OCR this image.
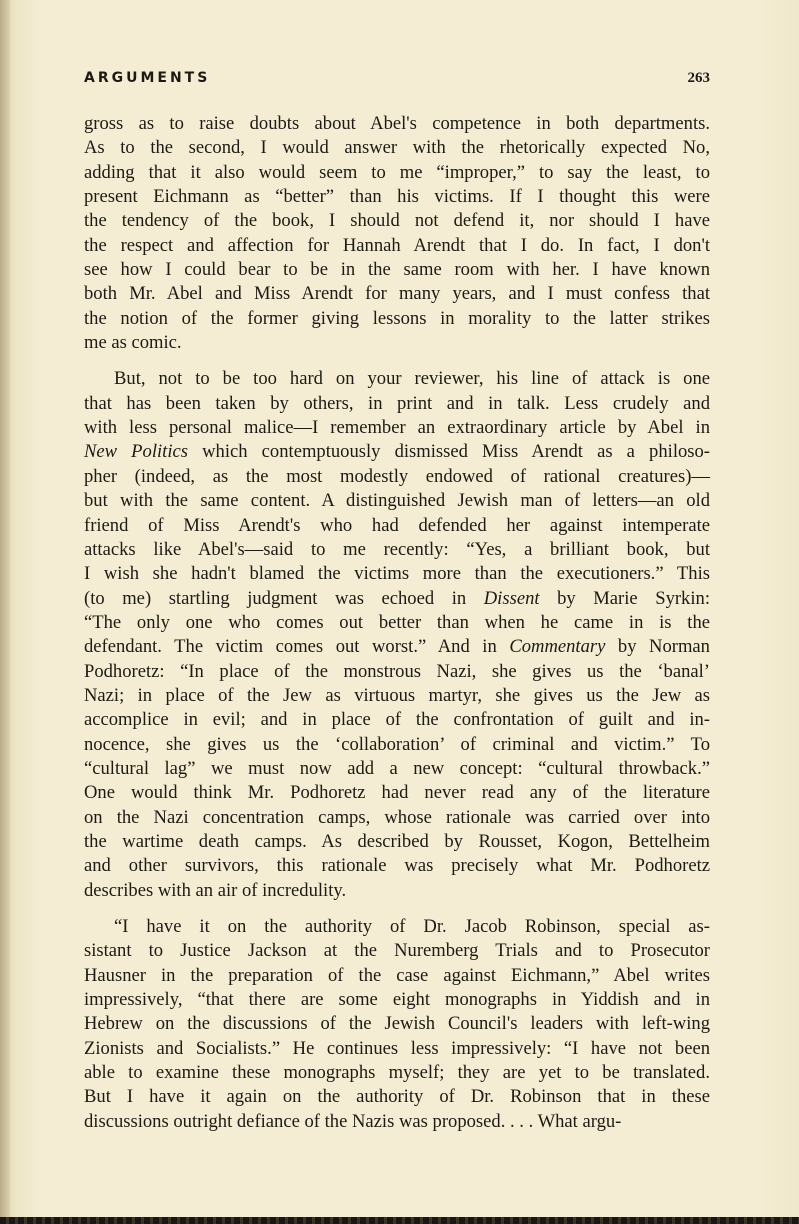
ARGUMENTS	263
gross as to raise doubts about Abel's competence in both departments.
As to the second, I would answer with the rhetorically expected No,
adding that it also would seem to me “improper,” to say the least, to
present Eichmann as “better” than his victims. If I thought this were
the tendency of the book, I should not defend it, nor should I have
the respect and affection for Hannah Arendt that I do. In fact, I don't
see how I could bear to be in the same room with her. I have known
both Mr. Abel and Miss Arendt for many years, and I must confess that
the notion of the former giving lessons in morality to the latter strikes
me as comic.
But, not to be too hard on your reviewer, his line of attack is one
that has been taken by others, in print and in talk. Less crudely and
with less personal malice—I remember an extraordinary article by Abel in
New Politics which contemptuously dismissed Miss Arendt as a philoso-
pher (indeed, as the most modestly endowed of rational creatures)—
but with the same content. A distinguished Jewish man of letters—an old
friend of Miss Arendt's who had defended her against intemperate
attacks like Abel's—said to me recently: “Yes, a brilliant book, but
I wish she hadn't blamed the victims more than the executioners.” This
(to me) startling judgment was echoed in Dissent by Marie Syrkin:
“The only one who comes out better than when he came in is the
defendant. The victim comes out worst.” And in Commentary by Norman
Podhoretz: “In place of the monstrous Nazi, she gives us the ‘banal’
Nazi; in place of the Jew as virtuous martyr, she gives us the Jew as
accomplice in evil; and in place of the confrontation of guilt and in-
nocence, she gives us the ‘collaboration’ of criminal and victim.” To
“cultural lag” we must now add a new concept: “cultural throwback.”
One would think Mr. Podhoretz had never read any of the literature
on the Nazi concentration camps, whose rationale was carried over into
the wartime death camps. As described by Rousset, Kogon, Bettelheim
and other survivors, this rationale was precisely what Mr. Podhoretz
describes with an air of incredulity.
“I have it on the authority of Dr. Jacob Robinson, special as-
sistant to Justice Jackson at the Nuremberg Trials and to Prosecutor
Hausner in the preparation of the case against Eichmann,” Abel writes
impressively, “that there are some eight monographs in Yiddish and in
Hebrew on the discussions of the Jewish Council's leaders with left-wing
Zionists and Socialists.” He continues less impressively: “I have not been
able to examine these monographs myself; they are yet to be translated.
But I have it again on the authority of Dr. Robinson that in these
discussions outright defiance of the Nazis was proposed. . . . What argu-
